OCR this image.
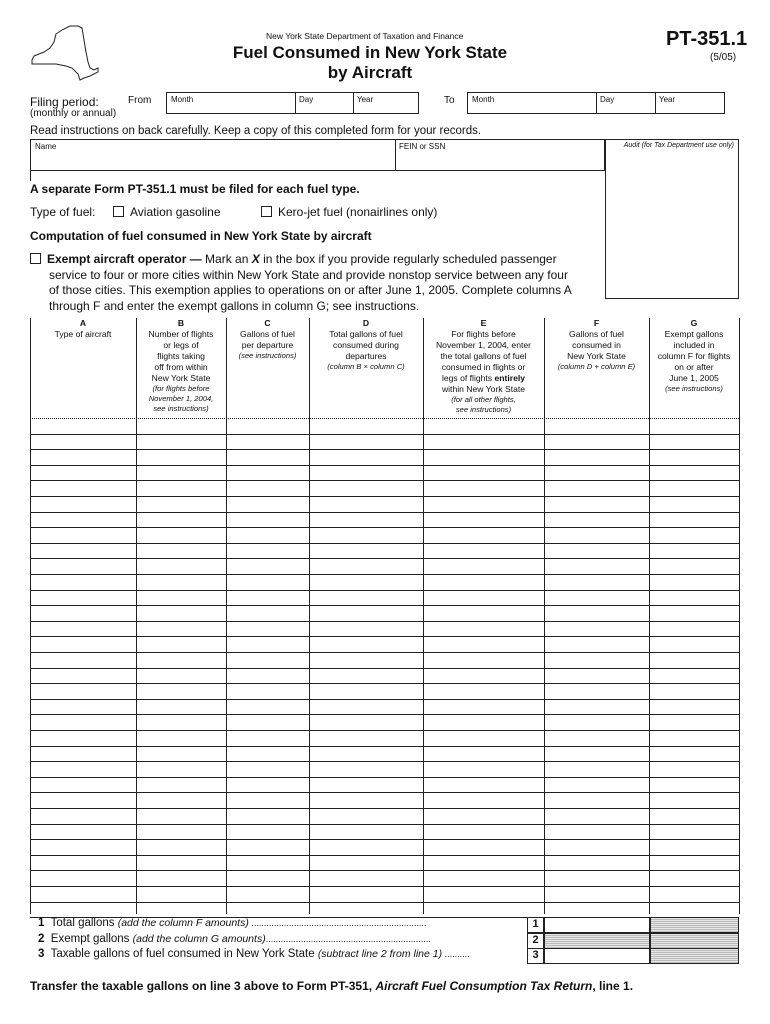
New York State Department of Taxation and Finance
Fuel Consumed in New York State
by Aircraft
PT-351.1
(5/05)
Filing period:
(monthly or annual)
From Month	Day	Year	To Month	Day	Year
Read instructions on back carefully. Keep a copy of this completed form for your records.
Name	FEIN or SSN	Audit (for Tax Department use only)
A separate Form PT-351.1 must be filed for each fuel type.
Type of fuel:	Aviation gasoline	Kero-jet fuel (nonairlines only)
Computation of fuel consumed in New York State by aircraft
Exempt aircraft operator — Mark an X in the box if you provide regularly scheduled passenger
service to four or more cities within New York State and provide nonstop service between any four
of those cities. This exemption applies to operations on or after June 1, 2005. Complete columns A
through F and enter the exempt gallons in column G; see instructions.
A
Type of aircraft
B
Number of flights
or legs of
flights taking
off from within
New York State
(for flights before
November 1, 2004,
see instructions)
C
Gallons of fuel
per departure
(see instructions)
D
Total gallons of fuel
consumed during
departures
(column B × column C)
E
For flights before
November 1, 2004, enter
the total gallons of fuel
consumed in flights or
legs of flights entirely
within New York State
(for all other flights,
see instructions)
F
Gallons of fuel
consumed in
New York State
(column D + column E)
G
Exempt gallons
included in
column F for flights
on or after
June 1, 2005
(see instructions)
1  Total gallons (add the column F amounts) ......................................................................	1
2  Exempt gallons (add the column G amounts)..................................................................	2
3  Taxable gallons of fuel consumed in New York State (subtract line 2 from line 1) ..........	3
Transfer the taxable gallons on line 3 above to Form PT-351, Aircraft Fuel Consumption Tax Return, line 1.
